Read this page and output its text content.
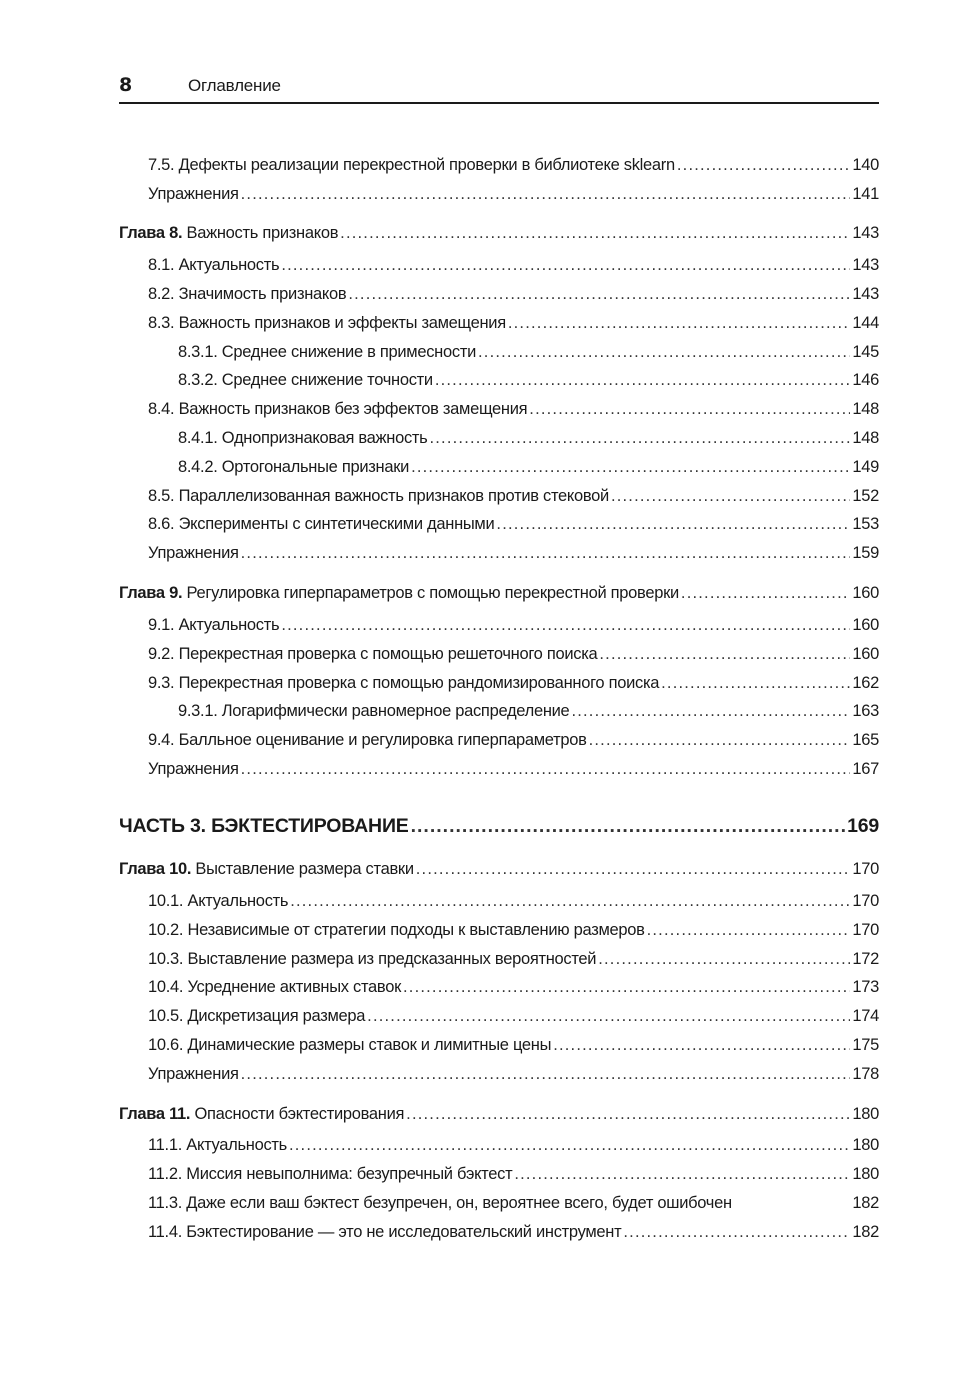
8	Оглавление
7.5. Дефекты реализации перекрестной проверки в библиотеке sklearn .....	140
Упражнения .....	141
Глава 8. Важность признаков .....	143
8.1. Актуальность .....	143
8.2. Значимость признаков .....	143
8.3. Важность признаков и эффекты замещения .....	144
8.3.1. Среднее снижение в примесности .....	145
8.3.2. Среднее снижение точности .....	146
8.4. Важность признаков без эффектов замещения .....	148
8.4.1. Однопризнаковая важность .....	148
8.4.2. Ортогональные признаки .....	149
8.5. Параллелизованная важность признаков против стековой .....	152
8.6. Эксперименты с синтетическими данными .....	153
Упражнения .....	159
Глава 9. Регулировка гиперпараметров с помощью перекрестной проверки .....	160
9.1. Актуальность .....	160
9.2. Перекрестная проверка с помощью решеточного поиска .....	160
9.3. Перекрестная проверка с помощью рандомизированного поиска .....	162
9.3.1. Логарифмически равномерное распределение .....	163
9.4. Балльное оценивание и регулировка гиперпараметров .....	165
Упражнения .....	167
ЧАСТЬ 3. БЭКТЕСТИРОВАНИЕ .....	169
Глава 10. Выставление размера ставки .....	170
10.1. Актуальность .....	170
10.2. Независимые от стратегии подходы к выставлению размеров .....	170
10.3. Выставление размера из предсказанных вероятностей .....	172
10.4. Усреднение активных ставок .....	173
10.5. Дискретизация размера .....	174
10.6. Динамические размеры ставок и лимитные цены .....	175
Упражнения .....	178
Глава 11. Опасности бэктестирования .....	180
11.1. Актуальность .....	180
11.2. Миссия невыполнима: безупречный бэктест .....	180
11.3. Даже если ваш бэктест безупречен, он, вероятнее всего, будет ошибочен	182
11.4. Бэктестирование — это не исследовательский инструмент .....	182
